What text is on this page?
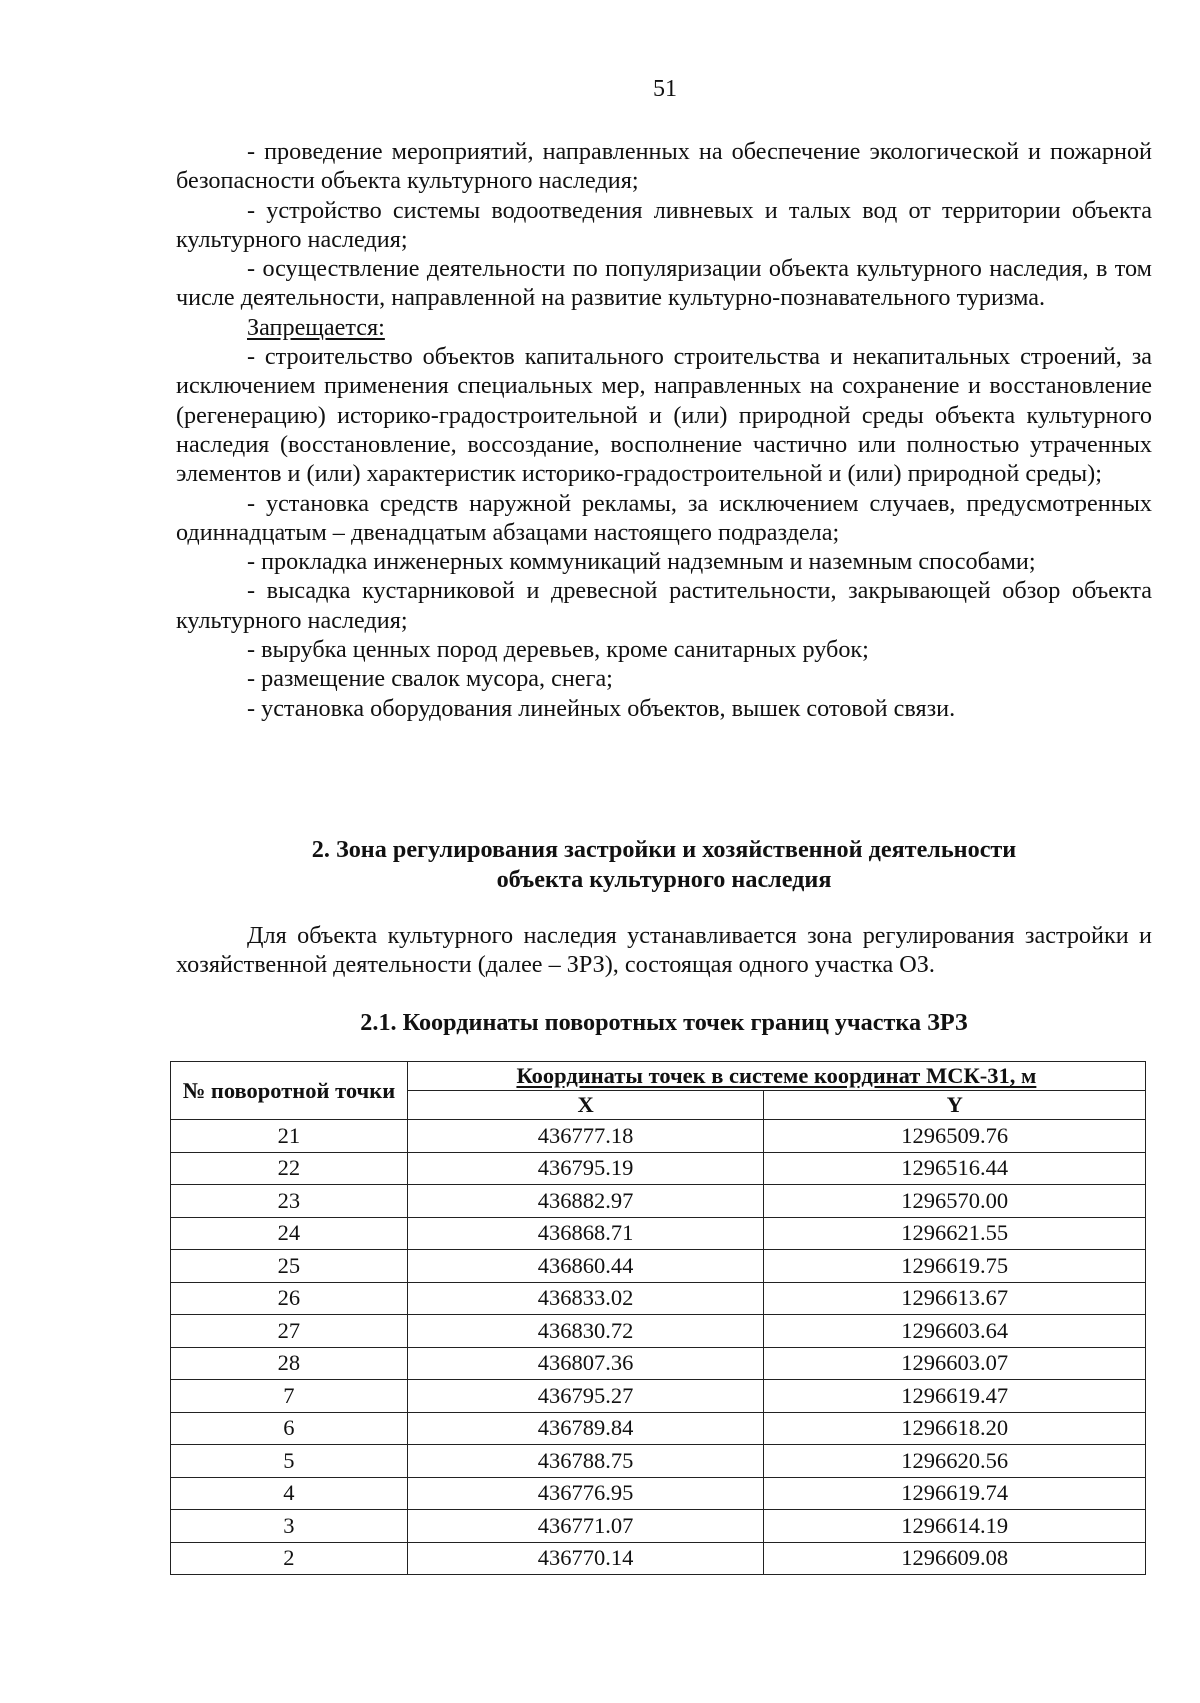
51

- проведение мероприятий, направленных на обеспечение экологической и пожарной безопасности объекта культурного наследия;

- устройство системы водоотведения ливневых и талых вод от территории объекта культурного наследия;

- осуществление деятельности по популяризации объекта культурного наследия, в том числе деятельности, направленной на развитие культурно-познавательного туризма.

Запрещается:

- строительство объектов капитального строительства и некапитальных строений, за исключением применения специальных мер, направленных на сохранение и восстановление (регенерацию) историко-градостроительной и (или) природной среды объекта культурного наследия (восстановление, воссоздание, восполнение частично или полностью утраченных элементов и (или) характеристик историко-градостроительной и (или) природной среды);

- установка средств наружной рекламы, за исключением случаев, предусмотренных одиннадцатым – двенадцатым абзацами настоящего подраздела;

- прокладка инженерных коммуникаций надземным и наземным способами;

- высадка кустарниковой и древесной растительности, закрывающей обзор объекта культурного наследия;

- вырубка ценных пород деревьев, кроме санитарных рубок;

- размещение свалок мусора, снега;

- установка оборудования линейных объектов, вышек сотовой связи.

2. Зона регулирования застройки и хозяйственной деятельности
объекта культурного наследия

Для объекта культурного наследия устанавливается зона регулирования застройки и хозяйственной деятельности (далее – ЗРЗ), состоящая одного участка ОЗ.

2.1. Координаты поворотных точек границ участка ЗРЗ

№ поворотной точки	Координаты точек в системе координат МСК-31, м	
	X	Y
21	436777.18	1296509.76
22	436795.19	1296516.44
23	436882.97	1296570.00
24	436868.71	1296621.55
25	436860.44	1296619.75
26	436833.02	1296613.67
27	436830.72	1296603.64
28	436807.36	1296603.07
7	436795.27	1296619.47
6	436789.84	1296618.20
5	436788.75	1296620.56
4	436776.95	1296619.74
3	436771.07	1296614.19
2	436770.14	1296609.08
